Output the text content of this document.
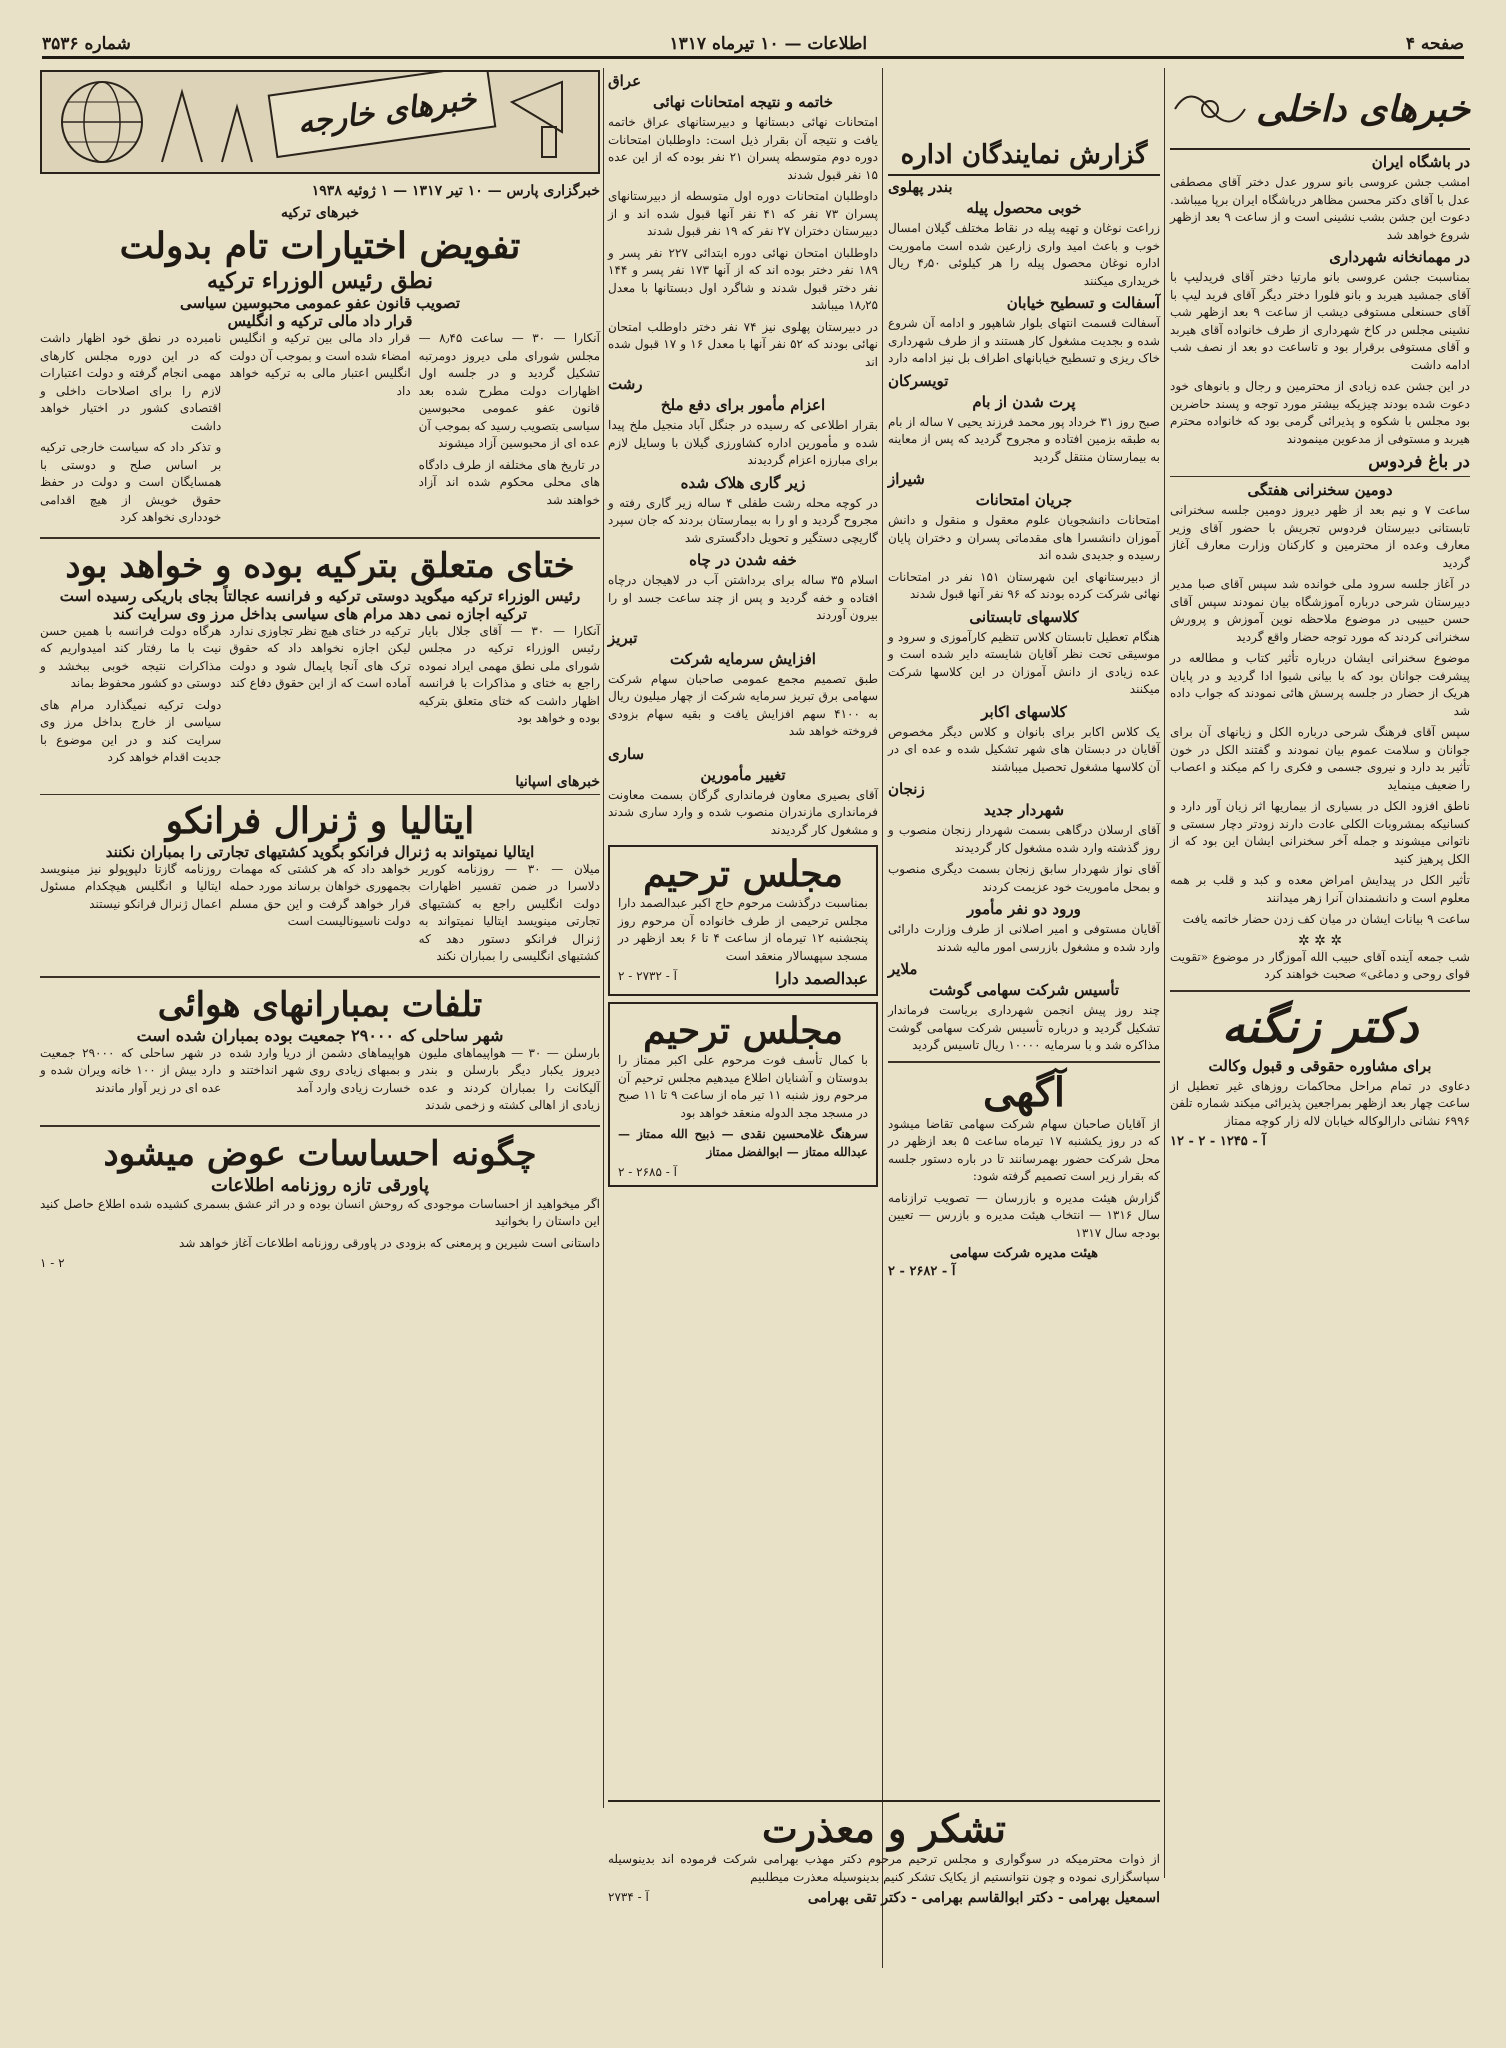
صفحه ۴
اطلاعات — ۱۰ تیرماه ۱۳۱۷
شماره ۳۵۳۶
خبرهای داخلی
در باشگاه ایران

امشب جشن عروسی بانو سرور عدل دختر آقای مصطفی عدل با آقای دکتر محسن مظاهر دریاشگاه ایران برپا میباشد. دعوت این جشن بشب نشینی است و از ساعت ۹ بعد ازظهر شروع خواهد شد

در مهمانخانه شهرداری

بمناسبت جشن عروسی بانو مارتیا دختر آقای فریدلیپ با آقای جمشید هیربد و بانو فلورا دختر دیگر آقای فرید لیپ با آقای حسنعلی مستوفی دیشب از ساعت ۹ بعد ازظهر شب نشینی مجلس در کاخ شهرداری از طرف خانواده آقای هیربد و آقای مستوفی برقرار بود و تاساعت دو بعد از نصف شب ادامه داشت

در این جشن عده زیادی از محترمین و رجال و بانوهای خود دعوت شده بودند چیزیکه بیشتر مورد توجه و پسند حاضرین بود مجلس با شکوه و پذیرائی گرمی بود که خانواده محترم هیربد و مستوفی از مدعوین مینمودند

در باغ فردوس
دومین سخنرانی هفتگی

ساعت ۷ و نیم بعد از ظهر دیروز دومین جلسه سخنرانی تابستانی دبیرستان فردوس تجریش با حضور آقای وزیر معارف وعده از محترمین و کارکنان وزارت معارف آغاز گردید

در آغاز جلسه سرود ملی خوانده شد سپس آقای صبا مدیر دبیرستان شرحی درباره آموزشگاه بیان نمودند سپس آقای حسن حبیبی در موضوع ملاحظه نوین آموزش و پرورش سخنرانی کردند که مورد توجه حضار واقع گردید

موضوع سخنرانی ایشان درباره تأثیر کتاب و مطالعه در پیشرفت جوانان بود که با بیانی شیوا ادا گردید و در پایان هریک از حضار در جلسه پرسش هائی نمودند که جواب داده شد

سپس آقای فرهنگ شرحی درباره الکل و زیانهای آن برای جوانان و سلامت عموم بیان نمودند و گفتند الکل در خون تأثیر بد دارد و نیروی جسمی و فکری را کم میکند و اعصاب را ضعیف مینماید

ناطق افزود الکل در بسیاری از بیماریها اثر زیان آور دارد و کسانیکه بمشروبات الکلی عادت دارند زودتر دچار سستی و ناتوانی میشوند و جمله آخر سخنرانی ایشان این بود که از الکل پرهیز کنید

تأثیر الکل در پیدایش امراض معده و کبد و قلب بر همه معلوم است و دانشمندان آنرا زهر میدانند

ساعت ۹ بیانات ایشان در میان کف زدن حضار خاتمه یافت

✲ ✲ ✲

شب جمعه آینده آقای حبیب الله آموزگار در موضوع «تقویت قوای روحی و دماغی» صحبت خواهند کرد

دکتر زنگنه
برای مشاوره حقوقی و قبول وکالت

دعاوی در تمام مراحل محاکمات روزهای غیر تعطیل از ساعت چهار بعد ازظهر بمراجعین پذیرائی میکند شماره تلفن ۶۹۹۶ نشانی دارالوکاله خیابان لاله زار کوچه ممتاز

آ - ۱۲۴۵ - ۲ - ۱۲
گزارش نمایندگان اداره
بندر پهلوی
خوبی محصول پیله

زراعت نوغان و تهیه پیله در نقاط مختلف گیلان امسال خوب و باعث امید واری زارعین شده است ماموریت اداره نوغان محصول پیله را هر کیلوئی ۴٫۵۰ ریال خریداری میکنند

آسفالت و تسطیح خیابان

آسفالت قسمت انتهای بلوار شاهپور و ادامه آن شروع شده و بجدیت مشغول کار هستند و از طرف شهرداری خاک ریزی و تسطیح خیابانهای اطراف بل نیز ادامه دارد

تویسرکان
پرت شدن از بام

صبح روز ۳۱ خرداد پور محمد فرزند یحیی ۷ ساله از بام به طبقه بزمین افتاده و مجروح گردید که پس از معاینه به بیمارستان منتقل گردید

شیراز
جریان امتحانات

امتحانات دانشجویان علوم معقول و منقول و دانش آموزان دانشسرا های مقدماتی پسران و دختران پایان رسیده و جدیدی شده اند

از دبیرستانهای این شهرستان ۱۵۱ نفر در امتحانات نهائی شرکت کرده بودند که ۹۶ نفر آنها قبول شدند

کلاسهای تابستانی

هنگام تعطیل تابستان کلاس تنظیم کارآموزی و سرود و موسیقی تحت نظر آقایان شایسته دایر شده است و عده زیادی از دانش آموزان در این کلاسها شرکت میکنند

کلاسهای اکابر

یک کلاس اکابر برای بانوان و کلاس دیگر مخصوص آقایان در دبستان های شهر تشکیل شده و عده ای در آن کلاسها مشغول تحصیل میباشند

زنجان
شهردار جدید

آقای ارسلان درگاهی بسمت شهردار زنجان منصوب و روز گذشته وارد شده مشغول کار گردیدند

آقای نواز شهردار سابق زنجان بسمت دیگری منصوب و بمحل ماموریت خود عزیمت کردند

ورود دو نفر مأمور

آقایان مستوفی و امیر اصلانی از طرف وزارت دارائی وارد شده و مشغول بازرسی امور مالیه شدند

ملایر
تأسیس شرکت سهامی گوشت

چند روز پیش انجمن شهرداری بریاست فرماندار تشکیل گردید و درباره تأسیس شرکت سهامی گوشت مذاکره شد و با سرمایه ۱۰۰۰۰ ریال تاسیس گردید

آگهی

از آقایان صاحبان سهام شرکت سهامی تقاضا میشود که در روز یکشنبه ۱۷ تیرماه ساعت ۵ بعد ازظهر در محل شرکت حضور بهمرسانند تا در باره دستور جلسه که بقرار زیر است تصمیم گرفته شود:

گزارش هیئت مدیره و بازرسان — تصویب ترازنامه سال ۱۳۱۶ — انتخاب هیئت مدیره و بازرس — تعیین بودجه سال ۱۳۱۷

هیئت مدیره شرکت سهامی
آ - ۲۶۸۲ - ۲
عراق
خاتمه و نتیجه امتحانات نهائی

امتحانات نهائی دبستانها و دبیرستانهای عراق خاتمه یافت و نتیجه آن بقرار ذیل است: داوطلبان امتحانات دوره دوم متوسطه پسران ۲۱ نفر بوده که از این عده ۱۵ نفر قبول شدند

داوطلبان امتحانات دوره اول متوسطه از دبیرستانهای پسران ۷۳ نفر که ۴۱ نفر آنها قبول شده اند و از دبیرستان دختران ۲۷ نفر که ۱۹ نفر قبول شدند

داوطلبان امتحان نهائی دوره ابتدائی ۲۲۷ نفر پسر و ۱۸۹ نفر دختر بوده اند که از آنها ۱۷۳ نفر پسر و ۱۴۴ نفر دختر قبول شدند و شاگرد اول دبستانها با معدل ۱۸٫۲۵ میباشد

در دبیرستان پهلوی نیز ۷۴ نفر دختر داوطلب امتحان نهائی بودند که ۵۲ نفر آنها با معدل ۱۶ و ۱۷ قبول شده اند

رشت
اعزام مأمور برای دفع ملخ

بقرار اطلاعی که رسیده در جنگل آباد منجیل ملخ پیدا شده و مأمورین اداره کشاورزی گیلان با وسایل لازم برای مبارزه اعزام گردیدند

زیر گاری هلاک شده

در کوچه محله رشت طفلی ۴ ساله زیر گاری رفته و مجروح گردید و او را به بیمارستان بردند که جان سپرد گاریچی دستگیر و تحویل دادگستری شد

خفه شدن در چاه

اسلام ۳۵ ساله برای برداشتن آب در لاهیجان درچاه افتاده و خفه گردید و پس از چند ساعت جسد او را بیرون آوردند

تبریز
افزایش سرمایه شرکت

طبق تصمیم مجمع عمومی صاحبان سهام شرکت سهامی برق تبریز سرمایه شرکت از چهار میلیون ریال به ۴۱۰۰ سهم افزایش یافت و بقیه سهام بزودی فروخته خواهد شد

ساری
تغییر مأمورین

آقای بصیری معاون فرمانداری گرگان بسمت معاونت فرمانداری مازندران منصوب شده و وارد ساری شدند و مشغول کار گردیدند

مجلس ترحیم

بمناسبت درگذشت مرحوم حاج اکبر عبدالصمد دارا مجلس ترحیمی از طرف خانواده آن مرحوم روز پنجشنبه ۱۲ تیرماه از ساعت ۴ تا ۶ بعد ازظهر در مسجد سپهسالار منعقد است

عبدالصمد دارا
آ - ۲۷۳۲ - ۲
مجلس ترحیم

با کمال تأسف فوت مرحوم علی اکبر ممتاز را بدوستان و آشنایان اطلاع میدهیم مجلس ترحیم آن مرحوم روز شنبه ۱۱ تیر ماه از ساعت ۹ تا ۱۱ صبح در مسجد مجد الدوله منعقد خواهد بود

سرهنگ غلامحسین نقدی — ذبیح الله ممتاز — عبدالله ممتاز — ابوالفضل ممتاز

آ - ۲۶۸۵ - ۲
تشکر و معذرت

از ذوات محترمیکه در سوگواری و مجلس ترحیم مرحوم دکتر مهذب بهرامی شرکت فرموده اند بدینوسیله سپاسگزاری نموده و چون نتوانستیم از یکایک تشکر کنیم بدینوسیله معذرت میطلبیم

اسمعیل بهرامی - دکتر ابوالقاسم بهرامی - دکتر تقی بهرامی
آ - ۲۷۳۴
خبرهای خارجه
خبرگزاری پارس — ۱۰ تیر ۱۳۱۷ — ۱ ژوئیه ۱۹۳۸
خبرهای ترکیه
تفویض اختیارات تام بدولت
نطق رئیس الوزراء ترکیه
تصویب قانون عفو عمومی محبوسین سیاسی
قرار داد مالی ترکیه و انگلیس

آنکارا — ۳۰ — ساعت ۸٫۴۵ — مجلس شورای ملی دیروز دومرتبه تشکیل گردید و در جلسه اول اظهارات دولت مطرح شده بعد قانون عفو عمومی محبوسین سیاسی بتصویب رسید که بموجب آن عده ای از محبوسین آزاد میشوند

در تاریخ های مختلفه از طرف دادگاه های محلی محکوم شده اند آزاد خواهند شد

قرار داد مالی بین ترکیه و انگلیس امضاء شده است و بموجب آن دولت انگلیس اعتبار مالی به ترکیه خواهد داد

نامبرده در نطق خود اظهار داشت که در این دوره مجلس کارهای مهمی انجام گرفته و دولت اعتبارات لازم را برای اصلاحات داخلی و اقتصادی کشور در اختیار خواهد داشت

و تذکر داد که سیاست خارجی ترکیه بر اساس صلح و دوستی با همسایگان است و دولت در حفظ حقوق خویش از هیچ اقدامی خودداری نخواهد کرد

ختای متعلق بترکیه بوده و خواهد بود
رئیس الوزراء ترکیه میگوید دوستی ترکیه و فرانسه عجالتاً بجای باریکی رسیده است
ترکیه اجازه نمی دهد مرام های سیاسی بداخل مرز وی سرایت کند

آنکارا — ۳۰ — آقای جلال بایار رئیس الوزراء ترکیه در مجلس شورای ملی نطق مهمی ایراد نموده راجع به ختای و مذاکرات با فرانسه اظهار داشت که ختای متعلق بترکیه بوده و خواهد بود

ترکیه در ختای هیچ نظر تجاوزی ندارد لیکن اجازه نخواهد داد که حقوق ترک های آنجا پایمال شود و دولت آماده است که از این حقوق دفاع کند

هرگاه دولت فرانسه با همین حسن نیت با ما رفتار کند امیدواریم که مذاکرات نتیجه خوبی ببخشد و دوستی دو کشور محفوظ بماند

دولت ترکیه نمیگذارد مرام های سیاسی از خارج بداخل مرز وی سرایت کند و در این موضوع با جدیت اقدام خواهد کرد

خبرهای اسپانیا
ایتالیا و ژنرال فرانکو
ایتالیا نمیتواند به ژنرال فرانکو بگوید کشتیهای تجارتی را بمباران نکنند

میلان — ۳۰ — روزنامه کوریر دلاسرا در ضمن تفسیر اظهارات دولت انگلیس راجع به کشتیهای تجارتی مینویسد ایتالیا نمیتواند به ژنرال فرانکو دستور دهد که کشتیهای انگلیسی را بمباران نکند

خواهد داد که هر کشتی که مهمات بجمهوری خواهان برساند مورد حمله قرار خواهد گرفت و این حق مسلم دولت ناسیونالیست است

روزنامه گازتا دلپوپولو نیز مینویسد ایتالیا و انگلیس هیچکدام مسئول اعمال ژنرال فرانکو نیستند

تلفات بمبارانهای هوائی
شهر ساحلی که ۲۹۰۰۰ جمعیت بوده بمباران شده است

بارسلن — ۳۰ — هواپیماهای ملیون دیروز یکبار دیگر بارسلن و بندر آلیکانت را بمباران کردند و عده زیادی از اهالی کشته و زخمی شدند

هواپیماهای دشمن از دریا وارد شده و بمبهای زیادی روی شهر انداختند و خسارت زیادی وارد آمد

در شهر ساحلی که ۲۹۰۰۰ جمعیت دارد بیش از ۱۰۰ خانه ویران شده و عده ای در زیر آوار ماندند

چگونه احساسات عوض میشود
پاورقی تازه روزنامه اطلاعات

اگر میخواهید از احساسات موجودی که روحش انسان بوده و در اثر عشق بسمری کشیده شده اطلاع حاصل کنید این داستان را بخوانید

داستانی است شیرین و پرمعنی که بزودی در پاورقی روزنامه اطلاعات آغاز خواهد شد

۲ - ۱
